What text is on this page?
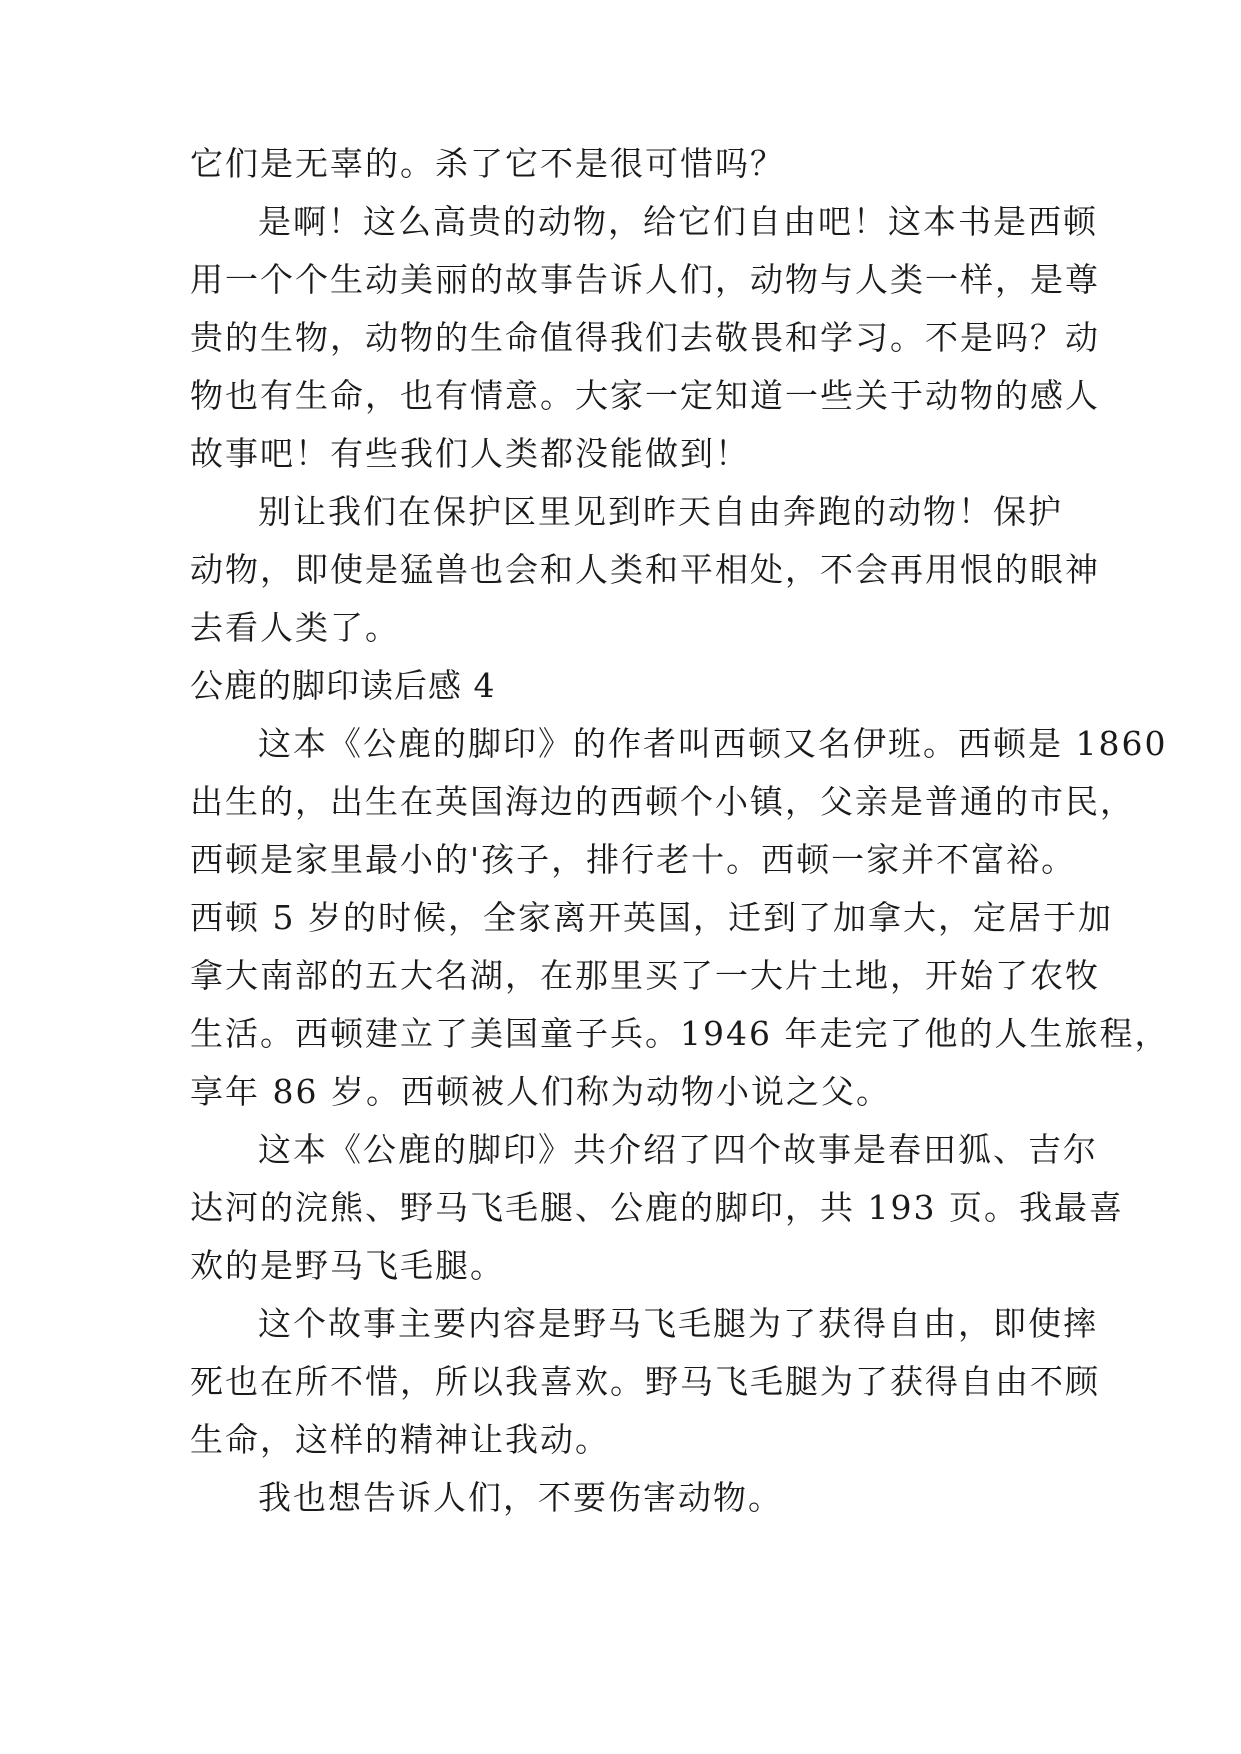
它们是无辜的。杀了它不是很可惜吗？
是啊！这么高贵的动物，给它们自由吧！这本书是西顿
用一个个生动美丽的故事告诉人们，动物与人类一样，是尊
贵的生物，动物的生命值得我们去敬畏和学习。不是吗？动
物也有生命，也有情意。大家一定知道一些关于动物的感人
故事吧！有些我们人类都没能做到！
别让我们在保护区里见到昨天自由奔跑的动物！保护
动物，即使是猛兽也会和人类和平相处，不会再用恨的眼神
去看人类了。
公鹿的脚印读后感 4
这本《公鹿的脚印》的作者叫西顿又名伊班。西顿是 1860
出生的，出生在英国海边的西顿个小镇，父亲是普通的市民，
西顿是家里最小的'孩子，排行老十。西顿一家并不富裕。
西顿 5 岁的时候，全家离开英国，迁到了加拿大，定居于加
拿大南部的五大名湖，在那里买了一大片土地，开始了农牧
生活。西顿建立了美国童子兵。1946 年走完了他的人生旅程，
享年 86 岁。西顿被人们称为动物小说之父。
这本《公鹿的脚印》共介绍了四个故事是春田狐、吉尔
达河的浣熊、野马飞毛腿、公鹿的脚印，共 193 页。我最喜
欢的是野马飞毛腿。
这个故事主要内容是野马飞毛腿为了获得自由，即使摔
死也在所不惜，所以我喜欢。野马飞毛腿为了获得自由不顾
生命，这样的精神让我动。
我也想告诉人们，不要伤害动物。
